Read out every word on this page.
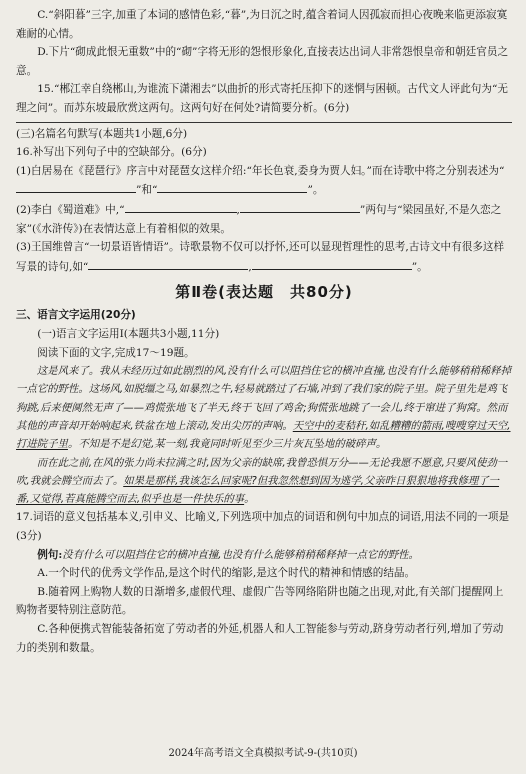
C.“斜阳暮”三字,加重了本词的感情色彩,“暮”,为日沉之时,蕴含着词人因孤寂而担心夜晚来临更添寂寞难耐的心情。

D.下片“砌成此恨无重数”中的“砌”字将无形的怨恨形象化,直接表达出词人非常怨恨皇帝和朝廷官员之意。

15.“郴江幸自绕郴山,为谁流下潇湘去”以曲折的形式寄托压抑下的迷惘与困顿。古代文人评此句为“无理之问”。而苏东坡最欣赏这两句。这两句好在何处?请简要分析。(6分)

(三)名篇名句默写(本题共1小题,6分)

16.补写出下列句子中的空缺部分。(6分)

(1)白居易在《琵琶行》序言中对琵琶女这样介绍:“年长色衰,委身为贾人妇。”而在诗歌中将之分别表述为“”和“	”。

(2)李白《蜀道难》中,“	,	”两句与“梁园虽好,不是久恋之家”(《水浒传》)在表情达意上有着相似的效果。

(3)王国维曾言“一切景语皆情语”。诗歌景物不仅可以抒怀,还可以显现哲理性的思考,古诗文中有很多这样写景的诗句,如“	,	”。

第Ⅱ卷(表达题　共80分)

三、语言文字运用(20分)

(一)语言文字运用Ⅰ(本题共3小题,11分)

阅读下面的文字,完成17～19题。

这是风来了。我从未经历过如此剧烈的风,没有什么可以阻挡住它的横冲直撞,也没有什么能够稍稍稀释掉一点它的野性。这场风,如脱缰之马,如暴烈之牛,轻易就踏过了石墙,冲到了我们家的院子里。院子里先是鸡飞狗跳,后来便阒然无声了——鸡慌张地飞了半天,终于飞回了鸡舍;狗慌张地跳了一会儿,终于窜进了狗窝。然而其他的声音却开始响起来,铁盆在地上滚动,发出尖厉的声响。天空中的麦秸秆,如乱糟糟的箭雨,嗖嗖穿过天空,打进院子里。不知是不是幻觉,某一刻,我竟同时听见至少三片灰瓦坠地的破碎声。

而在此之前,在风的张力尚未拉满之时,因为父亲的缺席,我曾恐惧万分——无论我愿不愿意,只要风使劲一吹,我就会腾空而去了。如果是那样,我该怎么回家呢?但我忽然想到因为逃学,父亲昨日狠狠地将我修理了一番,又觉得,若真能腾空而去,似乎也是一件快乐的事。

17.词语的意义包括基本义,引申义、比喻义,下列选项中加点的词语和例句中加点的词语,用法不同的一项是(3分)

例句:没有什么可以阻挡住它的横冲直撞,也没有什么能够稍稍稀释掉一点它的野性。

A.一个时代的优秀文学作品,是这个时代的缩影,是这个时代的精神和情感的结晶。

B.随着网上购物人数的日渐增多,虚假代理、虚假广告等网络陷阱也随之出现,对此,有关部门提醒网上购物者要特别注意防范。

C.各种便携式智能装备拓宽了劳动者的外延,机器人和人工智能参与劳动,跻身劳动者行列,增加了劳动力的类别和数量。

2024年高考语文全真模拟考试-9-(共10页)
